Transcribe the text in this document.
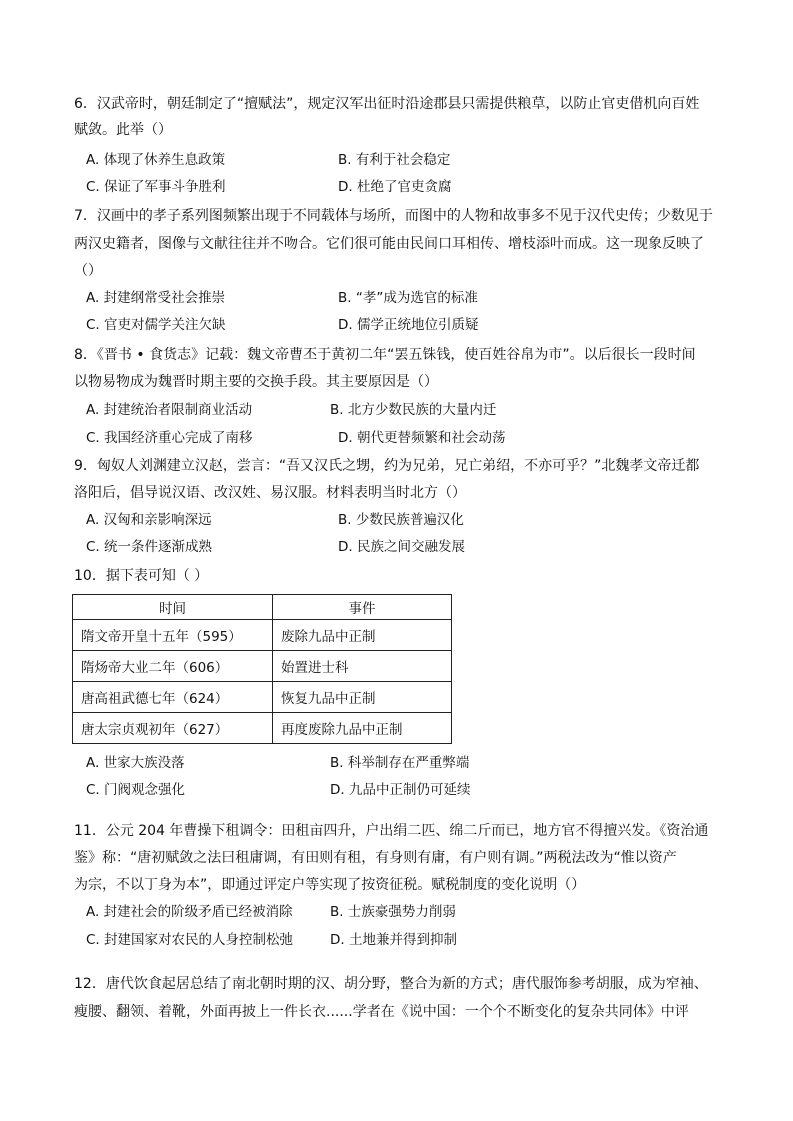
6．汉武帝时，朝廷制定了“擅赋法”，规定汉军出征时沿途郡县只需提供粮草，以防止官吏借机向百姓
赋敛。此举（）
A. 体现了休养生息政策	B. 有利于社会稳定
C. 保证了军事斗争胜利	D. 杜绝了官吏贪腐
7．汉画中的孝子系列图频繁出现于不同载体与场所，而图中的人物和故事多不见于汉代史传；少数见于
两汉史籍者，图像与文献往往并不吻合。它们很可能由民间口耳相传、增枝添叶而成。这一现象反映了
（）
A. 封建纲常受社会推崇	B. “孝”成为选官的标准
C. 官吏对儒学关注欠缺	D. 儒学正统地位引质疑
8．《晋书 • 食货志》记载：魏文帝曹丕于黄初二年“罢五铢钱，使百姓谷帛为市”。以后很长一段时间
以物易物成为魏晋时期主要的交换手段。其主要原因是（）
A. 封建统治者限制商业活动	B. 北方少数民族的大量内迁
C. 我国经济重心完成了南移	D. 朝代更替频繁和社会动荡
9．匈奴人刘渊建立汉赵，尝言：“吾又汉氏之甥，约为兄弟，兄亡弟绍，不亦可乎？”北魏孝文帝迁都
洛阳后，倡导说汉语、改汉姓、易汉服。材料表明当时北方（）
A. 汉匈和亲影响深远	B. 少数民族普遍汉化
C. 统一条件逐渐成熟	D. 民族之间交融发展
10．据下表可知（ ）
时间	事件
隋文帝开皇十五年（595）	废除九品中正制
隋炀帝大业二年（606）	始置进士科
唐高祖武德七年（624）	恢复九品中正制
唐太宗贞观初年（627）	再度废除九品中正制
A. 世家大族没落	B. 科举制存在严重弊端
C. 门阀观念强化	D. 九品中正制仍可延续
11．公元 204 年曹操下租调令：田租亩四升，户出绢二匹、绵二斤而已，地方官不得擅兴发。《资治通
鉴》称：“唐初赋敛之法曰租庸调，有田则有租，有身则有庸，有户则有调。”两税法改为“惟以资产
为宗，不以丁身为本”，即通过评定户等实现了按资征税。赋税制度的变化说明（）
A. 封建社会的阶级矛盾已经被消除	B. 士族豪强势力削弱
C. 封建国家对农民的人身控制松弛	D. 土地兼并得到抑制
12．唐代饮食起居总结了南北朝时期的汉、胡分野，整合为新的方式；唐代服饰参考胡服，成为窄袖、
瘦腰、翻领、着靴，外面再披上一件长衣......学者在《说中国：一个个不断变化的复杂共同体》中评
